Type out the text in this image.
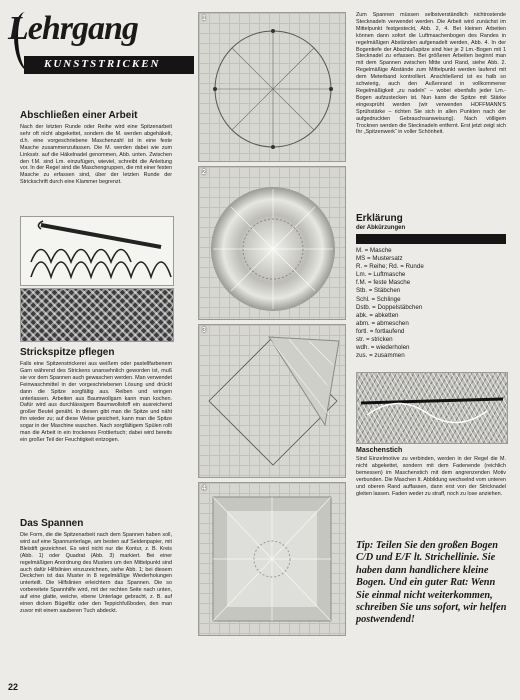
Lehrgang
KUNSTSTRICKEN
Abschließen einer Arbeit

Nach der letzten Runde oder Reihe wird eine Spitzenarbeit sehr oft nicht abgekettet, sondern die M. werden abgehäkelt, d.h. eine vorgeschriebene Maschenzahl ist in eine feste Masche zusammenzufassen. Die M. werden dabei wie zum Linksstr. auf die Häkelnadel genommen, Abb. unten. Zwischen den f.M. sind Lm. einzufügen, wieviel, schreibt die Anleitung vor. In der Regel sind die Maschengruppen, die mit einer festen Masche zu erfassen sind, über der letzten Runde der Strickschrift durch eine Klammer begrenzt.

Strickspitze pflegen

Falls eine Spitzenstrickerei aus weißem oder pastellfarbenem Garn während des Strickens unansehnlich geworden ist, muß sie vor dem Spannen auch gewaschen werden. Man verwendet Feinwaschmittel in der vorgeschriebenen Lösung und drückt dann die Spitze sorgfältig aus. Reiben und wringen unterlassen. Arbeiten aus Baumwollgarn kann man kochen. Dafür wird aus durchlässigem Baumwollstoff ein ausreichend großer Beutel genäht. In diesen gibt man die Spitze und näht ihn wieder zu; auf diese Weise gesichert, kann man die Spitze sogar in der Maschine waschen. Nach sorgfältigem Spülen rollt man die Arbeit in ein trockenes Frottiertuch; dabei wird bereits ein großer Teil der Feuchtigkeit entzogen.

Das Spannen

Die Form, die die Spitzenarbeit nach dem Spannen haben soll, wird auf eine Spannunterlage, am besten auf Seidenpapier, mit Bleistift gezeichnet. Es wird nicht nur die Kontur, z. B. Kreis (Abb. 1) oder Quadrat (Abb. 3) markiert. Bei einer regelmäßigen Anordnung des Musters um den Mittelpunkt sind auch dafür Hilfslinien einzuzeichnen, siehe Abb. 1; bei diesem Deckchen ist das Muster in 8 regelmäßige Wiederholungen unterteilt. Die Hilfslinien erleichtern das Spannen. Die so vorbereitete Spannhilfe wird, mit der rechten Seite nach unten, auf eine glatte, weiche, ebene Unterlage gebracht, z. B. auf einen dicken Bügelfilz oder den Teppichfußboden, den man zuvor mit einem sauberen Tuch abdeckt.

1
2
3
4

Zum Spannen müssen selbstverständlich nichtrostende Stecknadeln verwendet werden. Die Arbeit wird zunächst im Mittelpunkt festgesteckt, Abb. 2, 4. Bei kleinen Arbeiten können dann sofort die Luftmaschenbogen des Randes in regelmäßigen Abständen aufgenadelt werden, Abb. 4. In der Bogentiefe der Abschlußspitze sind hier je 2 Lm.-Bogen mit 1 Stecknadel zu erfassen. Bei größeren Arbeiten beginnt man mit dem Spannen zwischen Mitte und Rand, siehe Abb. 2. Regelmäßige Abstände zum Mittelpunkt werden laufend mit dem Meterband kontrolliert. Anschließend ist es halb so schwierig, auch den Außenrand in vollkommener Regelmäßigkeit „zu nadeln“ – wobei ebenfalls jeder Lm.-Bogen aufzustecken ist. Nun kann die Spitze mit Stärke eingesprüht werden (wir verwenden HOFFMANN'S Sprühstärke – richten Sie sich in allen Punkten nach der aufgedruckten Gebrauchsanweisung). Nach völligem Trocknen werden die Stecknadeln entfernt. Erst jetzt zeigt sich Ihr „Spitzenwerk“ in voller Schönheit.

Erklärung
der Abkürzungen
M. = Masche
MS = Mustersatz
R. = Reihe; Rd. = Runde
Lm. = Luftmasche
f.M. = feste Masche
Stb. = Stäbchen
Schl. = Schlinge
Dstb. = Doppelstäbchen
abk. = abketten
abm. = abmeschen
fortl. = fortlaufend
str. = stricken
wdh. = wiederholen
zus. = zusammen
Maschenstich

Sind Einzelmotive zu verbinden, werden in der Regel die M. nicht abgekettet, sondern mit dem Fadenende (reichlich bemessen) im Maschenstich mit dem angrenzenden Motiv verbunden. Die Maschen lt. Abbildung wechselnd vom unteren und oberen Rand auffassen, dann erst von der Stricknadel gleiten lassen. Faden weder zu straff, noch zu lose anziehen.

Tip: Teilen Sie den großen Bogen C/D und E/F lt. Strichellinie. Sie haben dann handlichere kleine Bogen. Und ein guter Rat: Wenn Sie einmal nicht weiterkommen, schreiben Sie uns sofort, wir helfen postwendend!

22
